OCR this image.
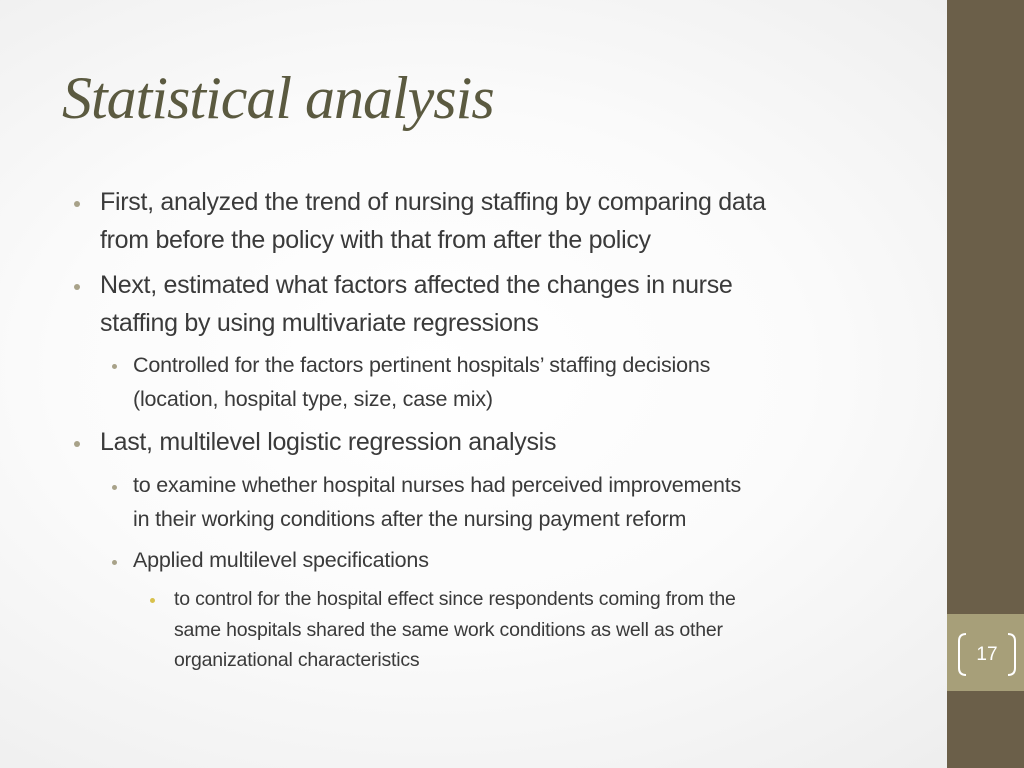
17
Statistical analysis
First, analyzed the trend of nursing staffing by comparing data
from before the policy with that from after the policy
Next, estimated what factors affected the changes in nurse
staffing by using multivariate regressions
Controlled for the factors pertinent hospitals’ staffing decisions
(location, hospital type, size, case mix)
Last, multilevel logistic regression analysis
to examine whether hospital nurses had perceived improvements
in their working conditions after the nursing payment reform
Applied multilevel specifications
to control for the hospital effect since respondents coming from the
same hospitals shared the same work conditions as well as other
organizational characteristics
